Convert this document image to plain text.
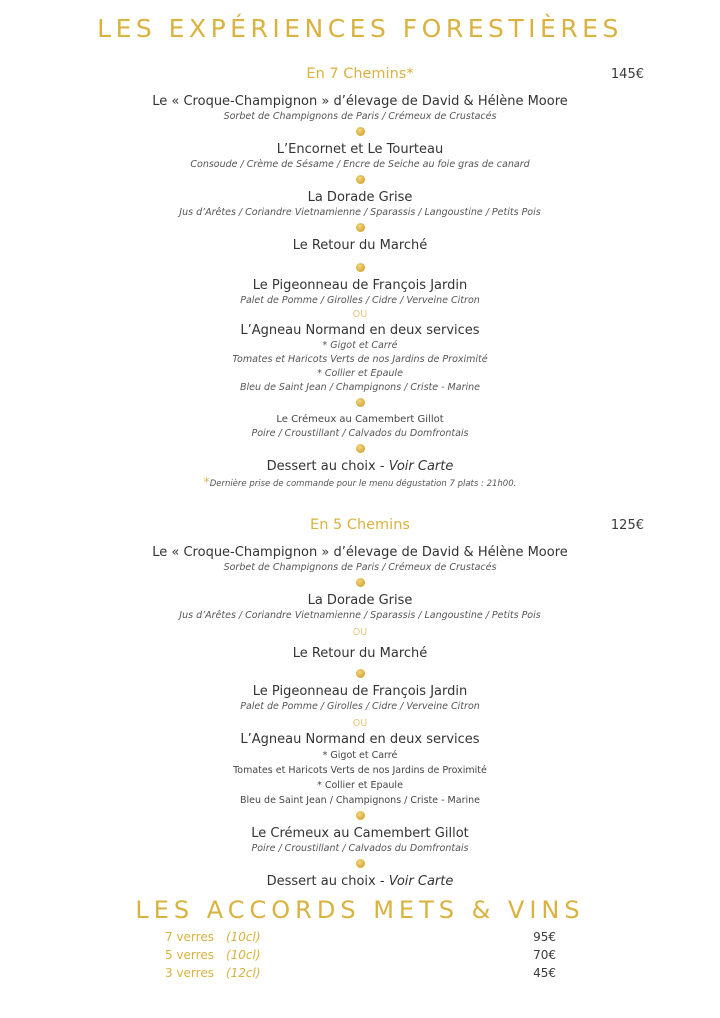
LES EXPÉRIENCES FORESTIÈRES
En 7 Chemins*	145€
Le « Croque-Champignon » d’élevage de David & Hélène Moore
Sorbet de Champignons de Paris / Crémeux de Crustacés
L’Encornet et Le Tourteau
Consoude / Crème de Sésame / Encre de Seiche au foie gras de canard
La Dorade Grise
Jus d’Arêtes / Coriandre Vietnamienne / Sparassis / Langoustine / Petits Pois
Le Retour du Marché
Le Pigeonneau de François Jardin
Palet de Pomme / Girolles / Cidre / Verveine Citron
OU
L’Agneau Normand en deux services
* Gigot et Carré
Tomates et Haricots Verts de nos Jardins de Proximité
* Collier et Epaule
Bleu de Saint Jean / Champignons / Criste - Marine
Le Crémeux au Camembert Gillot
Poire / Croustillant / Calvados du Domfrontais
Dessert au choix - Voir Carte
*Dernière prise de commande pour le menu dégustation 7 plats : 21h00.
En 5 Chemins	125€
Le « Croque-Champignon » d’élevage de David & Hélène Moore
Sorbet de Champignons de Paris / Crémeux de Crustacés
La Dorade Grise
Jus d’Arêtes / Coriandre Vietnamienne / Sparassis / Langoustine / Petits Pois
OU
Le Retour du Marché
Le Pigeonneau de François Jardin
Palet de Pomme / Girolles / Cidre / Verveine Citron
OU
L’Agneau Normand en deux services
* Gigot et Carré
Tomates et Haricots Verts de nos Jardins de Proximité
* Collier et Epaule
Bleu de Saint Jean / Champignons / Criste - Marine
Le Crémeux au Camembert Gillot
Poire / Croustillant / Calvados du Domfrontais
Dessert au choix - Voir Carte
LES ACCORDS METS & VINS
7 verres (10cl)	95€
5 verres (10cl)	70€
3 verres (12cl)	45€
